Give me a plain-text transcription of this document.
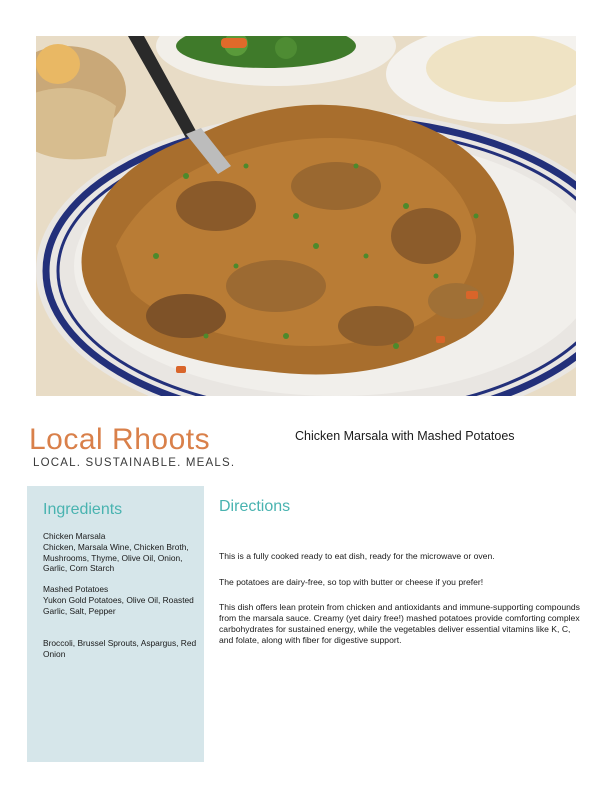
Local Rhoots
LOCAL. SUSTAINABLE. MEALS.
Chicken Marsala with Mashed Potatoes
Ingredients
Chicken Marsala
Chicken, Marsala Wine, Chicken Broth, Mushrooms, Thyme, Olive Oil, Onion, Garlic, Corn Starch
Mashed Potatoes
Yukon Gold Potatoes, Olive Oil, Roasted Garlic, Salt, Pepper
Broccoli, Brussel Sprouts, Aspargus, Red Onion
Directions

This is a fully cooked ready to eat dish, ready for the microwave or oven.

The potatoes are dairy-free, so top with butter or cheese if you prefer!

This dish offers lean protein from chicken and antioxidants and immune-supporting compounds from the marsala sauce. Creamy (yet dairy free!) mashed potatoes provide comforting complex carbohydrates for sustained energy, while the vegetables deliver essential vitamins like K, C, and folate, along with fiber for digestive support.
